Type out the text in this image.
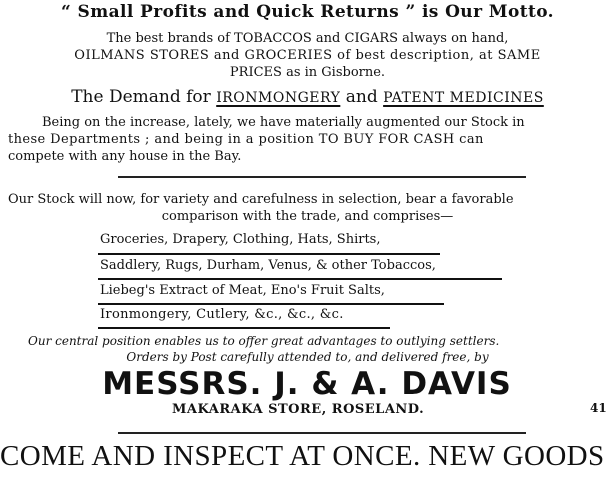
“ Small Profits and Quick Returns ” is Our Motto.
The best brands of TOBACCOS and CIGARS always on hand,
OILMANS STORES and GROCERIES of best description, at SAME
PRICES as in Gisborne.
The Demand for IRONMONGERY and PATENT MEDICINES
Being on the increase, lately, we have materially augmented our Stock in
these Departments ; and being in a position TO BUY FOR CASH can
compete with any house in the Bay.
Our Stock will now, for variety and carefulness in selection, bear a favorable
comparison with the trade, and comprises—
Groceries, Drapery, Clothing, Hats, Shirts,
Saddlery, Rugs, Durham, Venus, & other Tobaccos,
Liebeg's Extract of Meat, Eno's Fruit Salts,
Ironmongery, Cutlery, &c., &c., &c.
Our central position enables us to offer great advantages to outlying settlers.
Orders by Post carefully attended to, and delivered free, by
MESSRS. J. & A. DAVIS
MAKARAKA STORE, ROSELAND.	41
COME AND INSPECT AT ONCE. NEW GOODS
